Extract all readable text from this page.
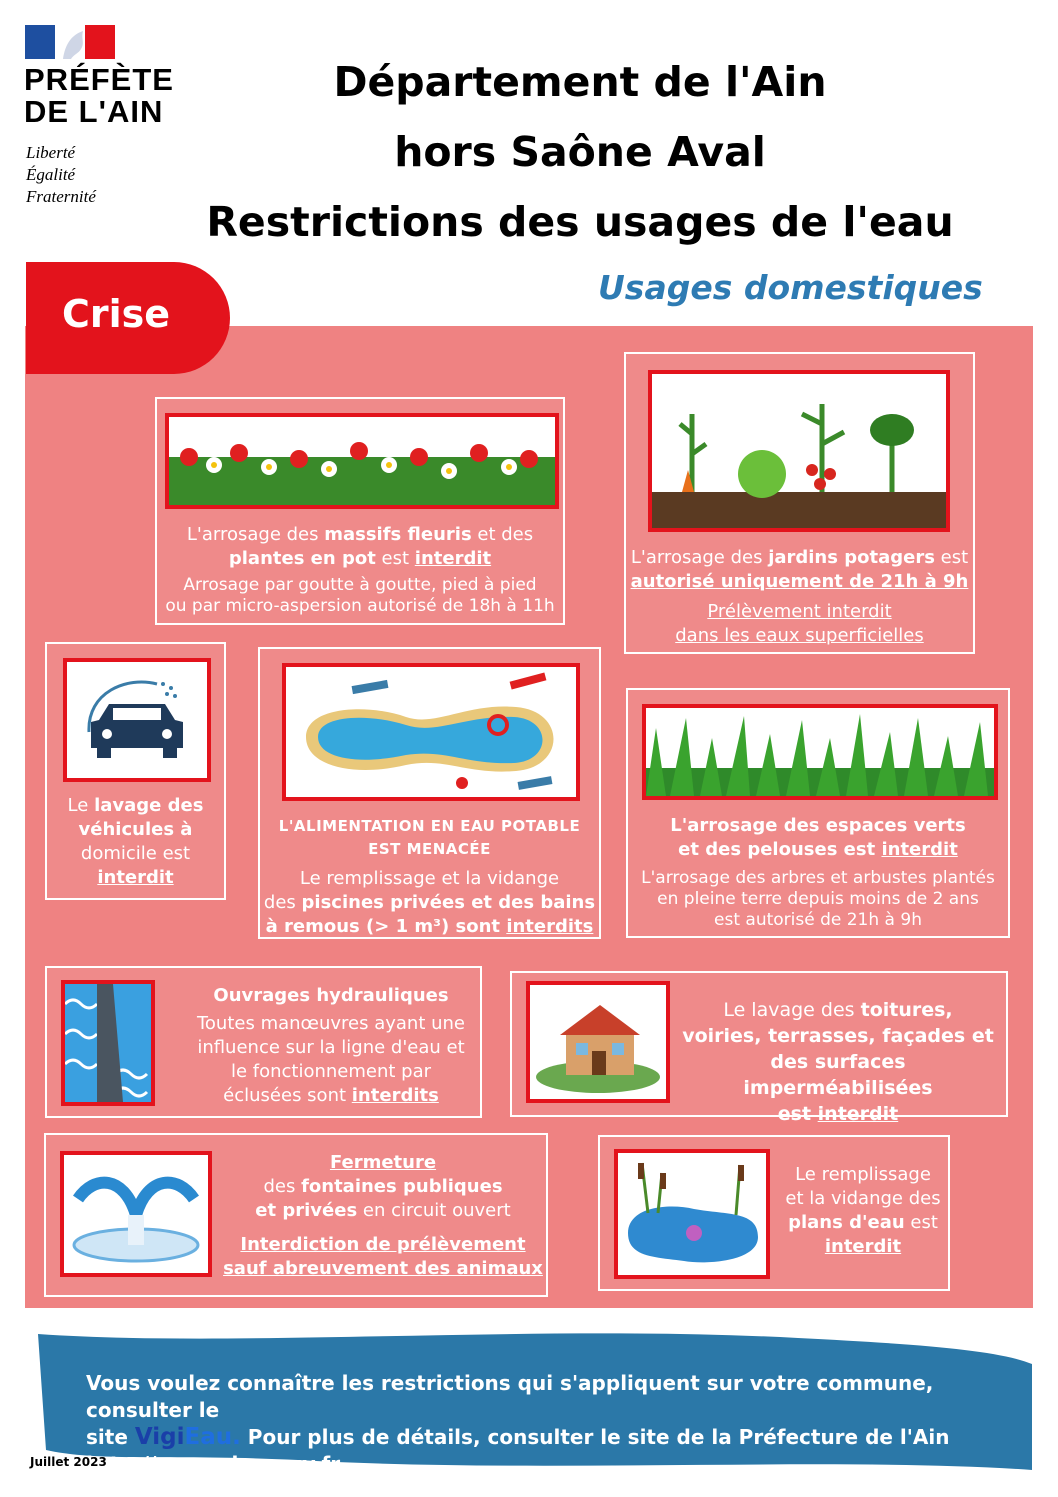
PRÉFÈTE
DE L'AIN
Liberté
Égalité
Fraternité
Département de l'Ain
hors Saône Aval
Restrictions des usages de l'eau
Crise
Usages domestiques
L'arrosage des massifs fleuris et des
plantes en pot est interdit
Arrosage par goutte à goutte, pied à pied
ou par micro-aspersion autorisé de 18h à 11h
L'arrosage des jardins potagers est
autorisé uniquement de 21h à 9h
Prélèvement interdit
dans les eaux superficielles
Le lavage des
véhicules à
domicile est
interdit
L'ALIMENTATION EN EAU POTABLE
EST MENACÉE
Le remplissage et la vidange
des piscines privées et des bains
à remous (> 1 m³) sont interdits
L'arrosage des espaces verts
et des pelouses est interdit
L'arrosage des arbres et arbustes plantés
en pleine terre depuis moins de 2 ans
est autorisé de 21h à 9h
Ouvrages hydrauliques
Toutes manœuvres ayant une
influence sur la ligne d'eau et
le fonctionnement par
éclusées sont interdits
Le lavage des toitures,
voiries, terrasses, façades et
des surfaces imperméabilisées
est interdit
Fermeture
des fontaines publiques
et privées en circuit ouvert
Interdiction de prélèvement
sauf abreuvement des animaux
Le remplissage
et la vidange des
plans d'eau est
interdit
Vous voulez connaître les restrictions qui s'appliquent sur votre commune, consulter le
site VigiEau. Pour plus de détails, consulter le site de la Préfecture de l'Ain
http://www.ain.gouv.fr
Juillet 2023
